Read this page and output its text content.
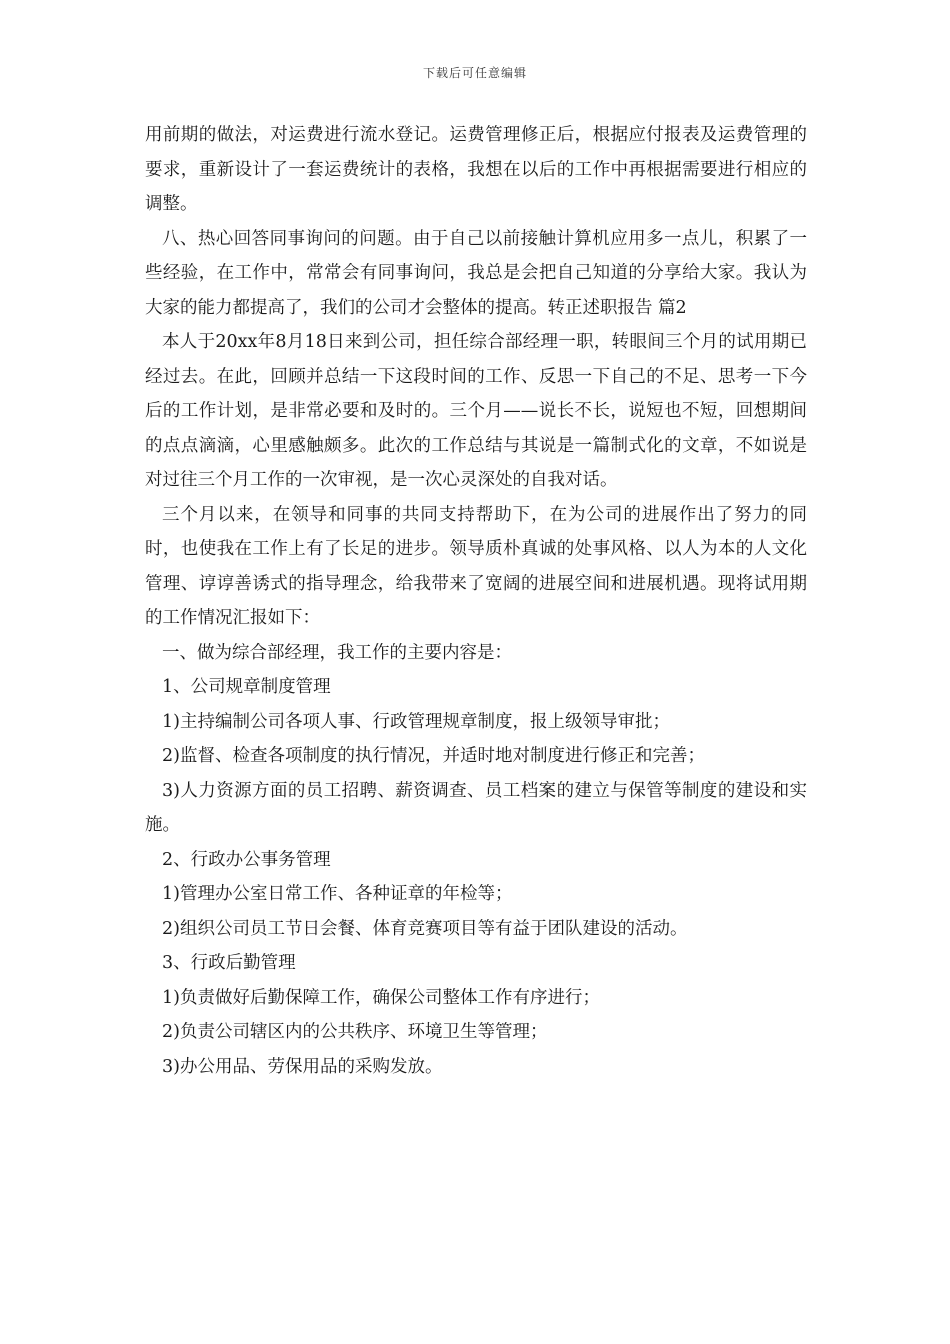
下载后可任意编辑

用前期的做法，对运费进行流水登记。运费管理修正后，根据应付报表及运费管理的要求，重新设计了一套运费统计的表格，我想在以后的工作中再根据需要进行相应的调整。

八、热心回答同事询问的问题。由于自己以前接触计算机应用多一点儿，积累了一些经验，在工作中，常常会有同事询问，我总是会把自己知道的分享给大家。我认为大家的能力都提高了，我们的公司才会整体的提高。转正述职报告 篇2

本人于20xx年8月18日来到公司，担任综合部经理一职，转眼间三个月的试用期已经过去。在此，回顾并总结一下这段时间的工作、反思一下自己的不足、思考一下今后的工作计划，是非常必要和及时的。三个月——说长不长，说短也不短，回想期间的点点滴滴，心里感触颇多。此次的工作总结与其说是一篇制式化的文章，不如说是对过往三个月工作的一次审视，是一次心灵深处的自我对话。

三个月以来，在领导和同事的共同支持帮助下，在为公司的进展作出了努力的同时，也使我在工作上有了长足的进步。领导质朴真诚的处事风格、以人为本的人文化管理、谆谆善诱式的指导理念，给我带来了宽阔的进展空间和进展机遇。现将试用期的工作情况汇报如下：

一、做为综合部经理，我工作的主要内容是：

1、公司规章制度管理

1)主持编制公司各项人事、行政管理规章制度，报上级领导审批；

2)监督、检查各项制度的执行情况，并适时地对制度进行修正和完善；

3)人力资源方面的员工招聘、薪资调查、员工档案的建立与保管等制度的建设和实施。

2、行政办公事务管理

1)管理办公室日常工作、各种证章的年检等；

2)组织公司员工节日会餐、体育竞赛项目等有益于团队建设的活动。

3、行政后勤管理

1)负责做好后勤保障工作，确保公司整体工作有序进行；

2)负责公司辖区内的公共秩序、环境卫生等管理；

3)办公用品、劳保用品的采购发放。
